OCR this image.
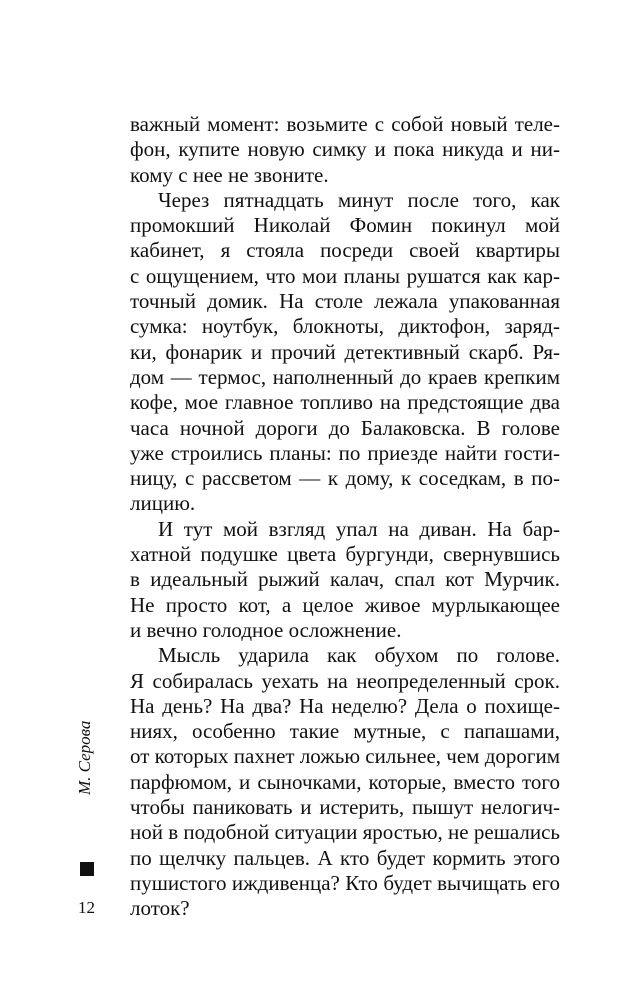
важный момент: возьмите с собой новый теле-
фон, купите новую симку и пока никуда и ни-
кому с нее не звоните.
Через пятнадцать минут после того, как
промокший Николай Фомин покинул мой
кабинет, я стояла посреди своей квартиры
с ощущением, что мои планы рушатся как кар-
точный домик. На столе лежала упакованная
сумка: ноутбук, блокноты, диктофон, заряд-
ки, фонарик и прочий детективный скарб. Ря-
дом — термос, наполненный до краев крепким
кофе, мое главное топливо на предстоящие два
часа ночной дороги до Балаковска. В голове
уже строились планы: по приезде найти гости-
ницу, с рассветом — к дому, к соседкам, в по-
лицию.
И тут мой взгляд упал на диван. На бар-
хатной подушке цвета бургунди, свернувшись
в идеальный рыжий калач, спал кот Мурчик.
Не просто кот, а целое живое мурлыкающее
и вечно голодное осложнение.
Мысль ударила как обухом по голове.
Я собиралась уехать на неопределенный срок.
На день? На два? На неделю? Дела о похище-
ниях, особенно такие мутные, с папашами,
от которых пахнет ложью сильнее, чем дорогим
парфюмом, и сыночками, которые, вместо того
чтобы паниковать и истерить, пышут нелогич-
ной в подобной ситуации яростью, не решались
по щелчку пальцев. А кто будет кормить этого
пушистого иждивенца? Кто будет вычищать его
лоток?
М. Серова
12
